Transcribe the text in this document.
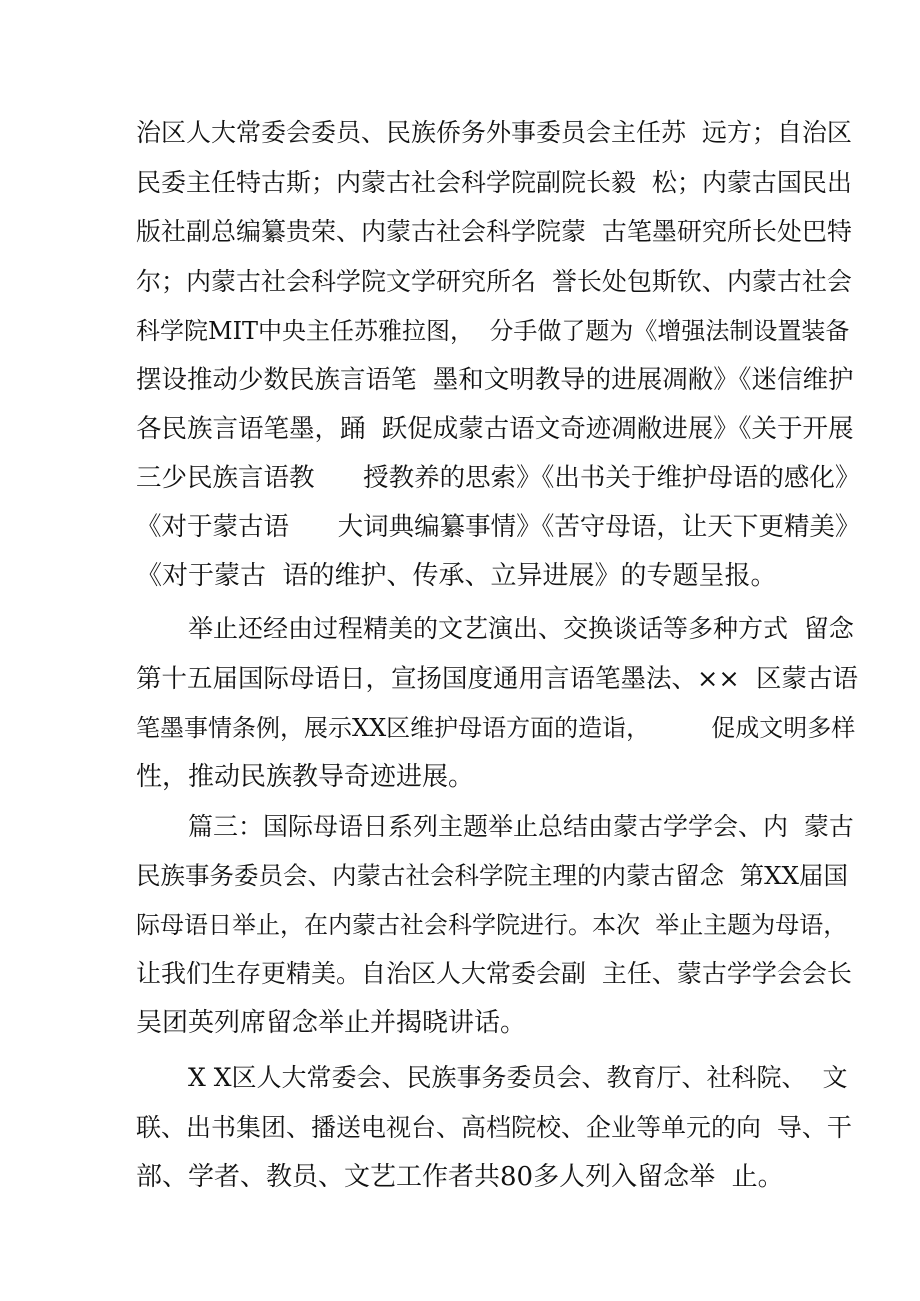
治区人大常委会委员、民族侨务外事委员会主任苏  远方；自治区
民委主任特古斯；内蒙古社会科学院副院长毅  松；内蒙古国民出
版社副总编纂贵荣、内蒙古社会科学院蒙  古笔墨研究所长处巴特
尔；内蒙古社会科学院文学研究所名  誉长处包斯钦、内蒙古社会
科学院MIT中央主任苏雅拉图，  分手做了题为《增强法制设置装备
摆设推动少数民族言语笔  墨和文明教导的进展凋敝》《迷信维护
各民族言语笔墨，踊  跃促成蒙古语文奇迹凋敝进展》《关于开展
三少民族言语教      授教养的思索》《出书关于维护母语的感化》
《对于蒙古语      大词典编纂事情》《苦守母语，让天下更精美》
《对于蒙古  语的维护、传承、立异进展》的专题呈报。
举止还经由过程精美的文艺演出、交换谈话等多种方式  留念
第十五届国际母语日，宣扬国度通用言语笔墨法、××  区蒙古语
笔墨事情条例，展示XX区维护母语方面的造诣，        促成文明多样
性，推动民族教导奇迹进展。
篇三：国际母语日系列主题举止总结由蒙古学学会、内  蒙古
民族事务委员会、内蒙古社会科学院主理的内蒙古留念  第XX届国
际母语日举止，在内蒙古社会科学院进行。本次  举止主题为母语，
让我们生存更精美。自治区人大常委会副  主任、蒙古学学会会长
吴团英列席留念举止并揭晓讲话。
X X区人大常委会、民族事务委员会、教育厅、社科院、  文
联、出书集团、播送电视台、高档院校、企业等单元的向  导、干
部、学者、教员、文艺工作者共80多人列入留念举  止。
